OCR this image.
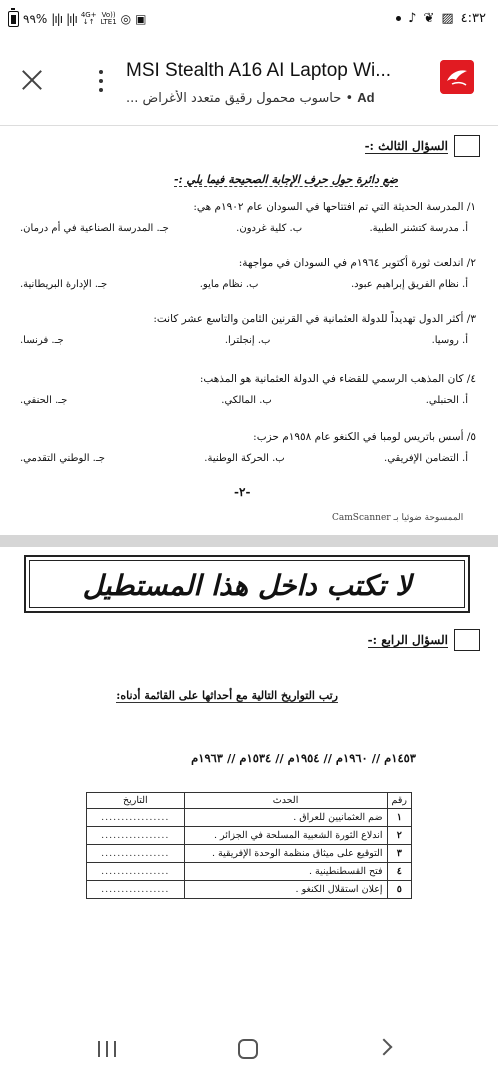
٩٩% |ı|ı |ı|ı 4G+
↓↑
Vo))
LTE1 ◎ ▣	♪ ❦ ▨ ٤:٣٢
MSI Stealth A16 AI Laptop Wi...
Ad • حاسوب محمول رقيق متعدد الأغراض ...
السؤال الثالث :-
ضع دائرة حول حرف الإجابة الصحيحة فيما يلي :-
١/ المدرسة الحديثة التي تم افتتاحها في السودان عام ١٩٠٢م هي:
أ. مدرسة كتشنر الطبية.
ب. كلية غردون.
جـ. المدرسة الصناعية في أم درمان.
٢/ اندلعت ثورة أكتوبر ١٩٦٤م في السودان في مواجهة:
أ. نظام الفريق إبراهيم عبود.
ب. نظام مايو.
جـ. الإدارة البريطانية.
٣/ أكثر الدول تهديداً للدولة العثمانية في القرنين الثامن والتاسع عشر كانت:
أ. روسيا.
ب. إنجلترا.
جـ. فرنسا.
٤/ كان المذهب الرسمي للقضاء في الدولة العثمانية هو المذهب:
أ. الحنبلي.
ب. المالكي.
جـ. الحنفي.
٥/ أسس باتريس لومبا في الكنغو عام ١٩٥٨م حزب:
أ. التضامن الإفريقي.
ب. الحركة الوطنية.
جـ. الوطني التقدمي.
-٢-
الممسوحة ضوئيا بـ CamScanner
لا تكتب داخل هذا المستطيل
السؤال الرابع :-
رتب التواريخ التالية مع أحداثها على القائمة أدناه:
١٤٥٣م // ١٩٦٠م // ١٩٥٤م // ١٥٣٤م // ١٩٦٣م
رقم	الحدث	التاريخ
١	ضم العثمانيين للعراق .	.................
٢	اندلاع الثورة الشعبية المسلحة في الجزائر .	.................
٣	التوقيع على ميثاق منظمة الوحدة الإفريقية .	.................
٤	فتح القسطنطينية .	.................
٥	إعلان استقلال الكنغو .	.................
